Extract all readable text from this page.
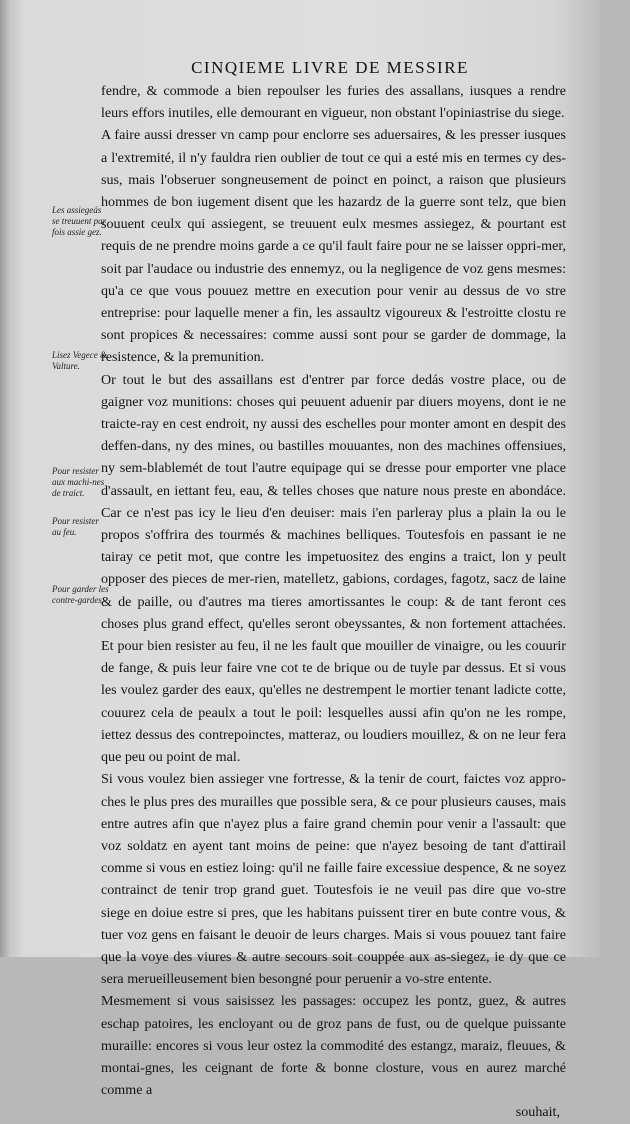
CINQIEME LIVRE DE MESSIRE

fendre, & commode a bien repoulser les furies des assallans, iusques a rendre leurs effors inutiles, elle demourant en vigueur, non obstant l'opiniastrise du siege.

A faire aussi dresser vn camp pour enclorre ses aduersaires, & les presser iusques a l'extremité, il n'y fauldra rien oublier de tout ce qui a esté mis en termes cy des-sus, mais l'obseruer songneusement de poinct en poinct, a raison que plusieurs hommes de bon iugement disent que les hazardz de la guerre sont telz, que bien souuent ceulx qui assiegent, se treuuent eulx mesmes assiegez, & pourtant est requis de ne prendre moins garde a ce qu'il fault faire pour ne se laisser oppri-mer, soit par l'audace ou industrie des ennemyz, ou la negligence de voz gens mesmes: qu'a ce que vous pouuez mettre en execution pour venir au dessus de vo stre entreprise: pour laquelle mener a fin, les assaultz vigoureux & l'estroitte clostu re sont propices & necessaires: comme aussi sont pour se garder de dommage, la resistence, & la premunition.

Or tout le but des assaillans est d'entrer par force dedás vostre place, ou de gaigner voz munitions: choses qui peuuent aduenir par diuers moyens, dont ie ne traicte-ray en cest endroit, ny aussi des eschelles pour monter amont en despit des deffen-dans, ny des mines, ou bastilles mouuantes, non des machines offensiues, ny sem-blablemét de tout l'autre equipage qui se dresse pour emporter vne place d'assault, en iettant feu, eau, & telles choses que nature nous preste en abondáce. Car ce n'est pas icy le lieu d'en deuiser: mais i'en parleray plus a plain la ou le propos s'offrira des tourmés & machines belliques. Toutesfois en passant ie ne tairay ce petit mot, que contre les impetuositez des engins a traict, lon y peult opposer des pieces de mer-rien, matelletz, gabions, cordages, fagotz, sacz de laine & de paille, ou d'autres ma tieres amortissantes le coup: & de tant feront ces choses plus grand effect, qu'elles seront obeyssantes, & non fortement attachées. Et pour bien resister au feu, il ne les fault que mouiller de vinaigre, ou les couurir de fange, & puis leur faire vne cot te de brique ou de tuyle par dessus. Et si vous les voulez garder des eaux, qu'elles ne destrempent le mortier tenant ladicte cotte, couurez cela de peaulx a tout le poil: lesquelles aussi afin qu'on ne les rompe, iettez dessus des contrepoinctes, matteraz, ou loudiers mouillez, & on ne leur fera que peu ou point de mal.

Si vous voulez bien assieger vne fortresse, & la tenir de court, faictes voz appro-ches le plus pres des murailles que possible sera, & ce pour plusieurs causes, mais entre autres afin que n'ayez plus a faire grand chemin pour venir a l'assault: que voz soldatz en ayent tant moins de peine: que n'ayez besoing de tant d'attirail comme si vous en estiez loing: qu'il ne faille faire excessiue despence, & ne soyez contrainct de tenir trop grand guet. Toutesfois ie ne veuil pas dire que vo-stre siege en doiue estre si pres, que les habitans puissent tirer en bute contre vous, & tuer voz gens en faisant le deuoir de leurs charges. Mais si vous pouuez tant faire que la voye des viures & autre secours soit couppée aux as-siegez, ie dy que ce sera merueilleusement bien besongné pour peruenir a vo-stre entente.

Mesmement si vous saisissez les passages: occupez les pontz, guez, & autres eschap patoires, les encloyant ou de groz pans de fust, ou de quelque puissante muraille: encores si vous leur ostez la commodité des estangz, maraiz, fleuues, & montai-gnes, les ceignant de forte & bonne closture, vous en aurez marché comme a

souhait,

Les assiegeás se treuuent par fois assie gez.
Lisez Vegece & Valture.
Pour resister aux machi-nes de traict.
Pour resister au feu.
Pour garder les contre-gardes.
